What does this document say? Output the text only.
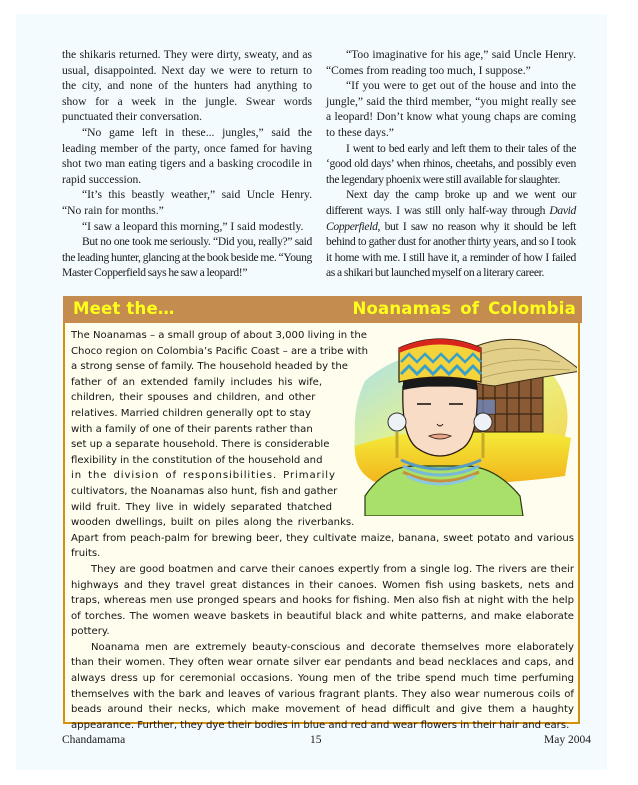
the shikaris returned. They were dirty, sweaty, and as usual, disappointed. Next day we were to return to the city, and none of the hunters had anything to show for a week in the jungle. Swear words punctuated their conversation.

“No game left in these... jungles,” said the leading member of the party, once famed for having shot two man eating tigers and a basking crocodile in rapid succession.

“It’s this beastly weather,” said Uncle Henry. “No rain for months.”

“I saw a leopard this morning,” I said modestly.

But no one took me seriously. “Did you, really?” said the leading hunter, glancing at the book beside me. “Young Master Copperfield says he saw a leopard!”

“Too imaginative for his age,” said Uncle Henry. “Comes from reading too much, I suppose.”

“If you were to get out of the house and into the jungle,” said the third member, “you might really see a leopard! Don’t know what young chaps are coming to these days.”

I went to bed early and left them to their tales of the ‘good old days’ when rhinos, cheetahs, and possibly even the legendary phoenix were still available for slaughter.

Next day the camp broke up and we went our different ways. I was still only half-way through David Copperfield, but I saw no reason why it should be left behind to gather dust for another thirty years, and so I took it home with me. I still have it, a reminder of how I failed as a shikari but launched myself on a literary career.

Meet the…	Noanamas of Colombia

The Noanamas – a small group of about 3,000 living in the
Choco region on Colombia’s Pacific Coast – are a tribe with
a strong sense of family. The household headed by the
father of an extended family includes his wife,
children, their spouses and children, and other
relatives. Married children generally opt to stay
with a family of one of their parents rather than
set up a separate household. There is considerable
flexibility in the constitution of the household and
in the division of responsibilities. Primarily
cultivators, the Noanamas also hunt, fish and gather
wild fruit. They live in widely separated thatched
wooden dwellings, built on piles along the riverbanks.
Apart from peach-palm for brewing beer, they cultivate maize, banana, sweet potato and various fruits.

They are good boatmen and carve their canoes expertly from a single log. The rivers are their highways and they travel great distances in their canoes. Women fish using baskets, nets and traps, whereas men use pronged spears and hooks for fishing. Men also fish at night with the help of torches. The women weave baskets in beautiful black and white patterns, and make elaborate pottery.

Noanama men are extremely beauty-conscious and decorate themselves more elaborately than their women. They often wear ornate silver ear pendants and bead necklaces and caps, and always dress up for ceremonial occasions. Young men of the tribe spend much time perfuming themselves with the bark and leaves of various fragrant plants. They also wear numerous coils of beads around their necks, which make movement of head difficult and give them a haughty appearance. Further, they dye their bodies in blue and red and wear flowers in their hair and ears.

Chandamama	15	May 2004
